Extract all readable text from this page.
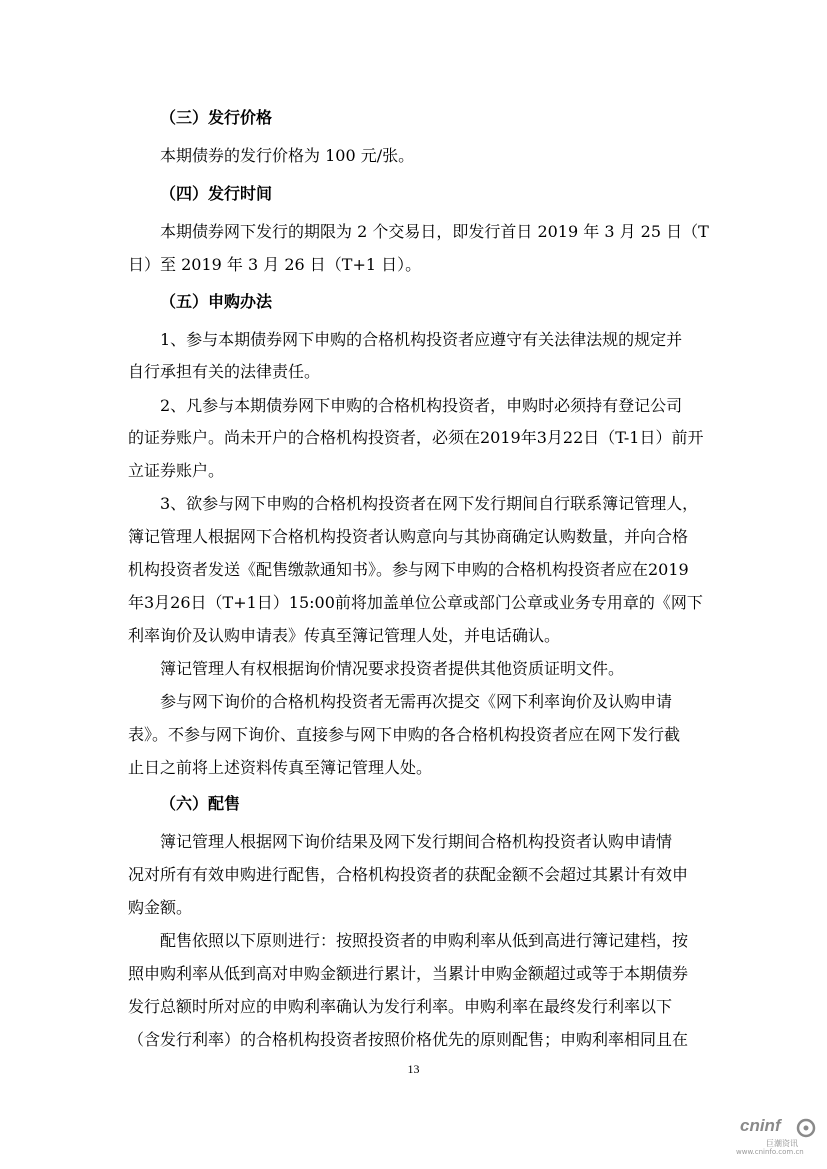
（三）发行价格
本期债券的发行价格为 100 元/张。
（四）发行时间
本期债券网下发行的期限为 2 个交易日，即发行首日 2019 年 3 月 25 日（T
日）至 2019 年 3 月 26 日（T+1 日）。
（五）申购办法
1、参与本期债券网下申购的合格机构投资者应遵守有关法律法规的规定并
自行承担有关的法律责任。
2、凡参与本期债券网下申购的合格机构投资者，申购时必须持有登记公司
的证券账户。尚未开户的合格机构投资者，必须在2019年3月22日（T-1日）前开
立证券账户。
3、欲参与网下申购的合格机构投资者在网下发行期间自行联系簿记管理人，
簿记管理人根据网下合格机构投资者认购意向与其协商确定认购数量，并向合格
机构投资者发送《配售缴款通知书》。参与网下申购的合格机构投资者应在2019
年3月26日（T+1日）15:00前将加盖单位公章或部门公章或业务专用章的《网下
利率询价及认购申请表》传真至簿记管理人处，并电话确认。
簿记管理人有权根据询价情况要求投资者提供其他资质证明文件。
参与网下询价的合格机构投资者无需再次提交《网下利率询价及认购申请
表》。不参与网下询价、直接参与网下申购的各合格机构投资者应在网下发行截
止日之前将上述资料传真至簿记管理人处。
（六）配售
簿记管理人根据网下询价结果及网下发行期间合格机构投资者认购申请情
况对所有有效申购进行配售，合格机构投资者的获配金额不会超过其累计有效申
购金额。
配售依照以下原则进行：按照投资者的申购利率从低到高进行簿记建档，按
照申购利率从低到高对申购金额进行累计，当累计申购金额超过或等于本期债券
发行总额时所对应的申购利率确认为发行利率。申购利率在最终发行利率以下
（含发行利率）的合格机构投资者按照价格优先的原则配售；申购利率相同且在
13
cninf
巨潮资讯
www.cninfo.com.cn
